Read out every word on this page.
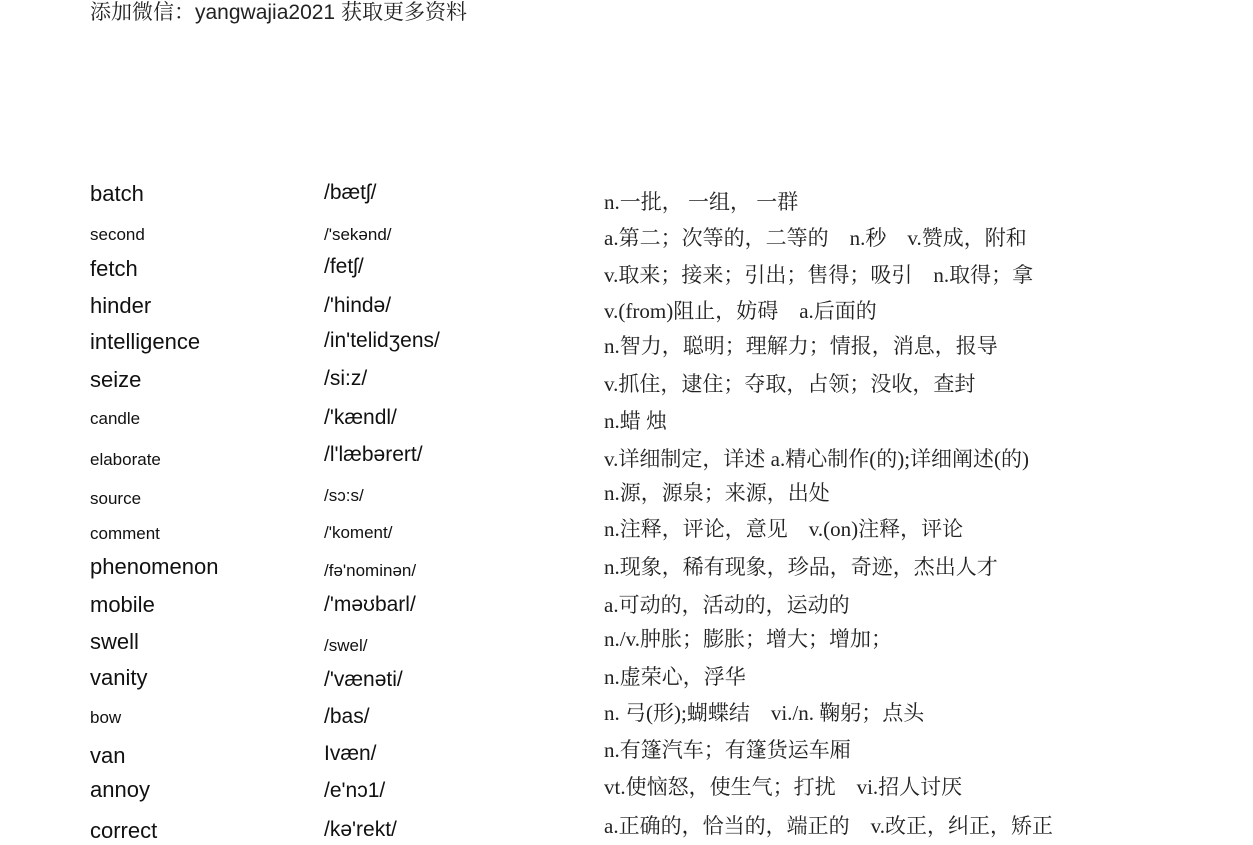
添加微信：yangwajia2021 获取更多资料
batch	/bætʃ/	n.一批， 一组， 一群
second	/'sekənd/	a.第二；次等的，二等的　n.秒　v.赞成，附和
fetch	/fetʃ/	v.取来；接来；引出；售得；吸引　n.取得；拿
hinder	/'hində/	v.(from)阻止，妨碍　a.后面的
intelligence	/in'telidʒens/	n.智力，聪明；理解力；情报，消息，报导
seize	/si:z/	v.抓住，逮住；夺取，占领；没收，查封
candle	/'kændl/	n.蜡 烛
elaborate	/l'læbərert/	v.详细制定，详述 a.精心制作(的);详细阐述(的)
source	/sɔ:s/	n.源，源泉；来源，出处
comment	/'koment/	n.注释，评论，意见　v.(on)注释，评论
phenomenon	/fə'nominən/	n.现象，稀有现象，珍品，奇迹，杰出人才
mobile	/'məʊbarl/	a.可动的，活动的，运动的
swell	/swel/	n./v.肿胀；膨胀；增大；增加；
vanity	/'vænəti/	n.虚荣心，浮华
bow	/bas/	n. 弓(形);蝴蝶结　vi./n. 鞠躬；点头
van	Ivæn/	n.有篷汽车；有篷货运车厢
annoy	/e'nɔ1/	vt.使恼怒，使生气；打扰　vi.招人讨厌
correct	/kə'rekt/	a.正确的，恰当的，端正的　v.改正，纠正，矫正
